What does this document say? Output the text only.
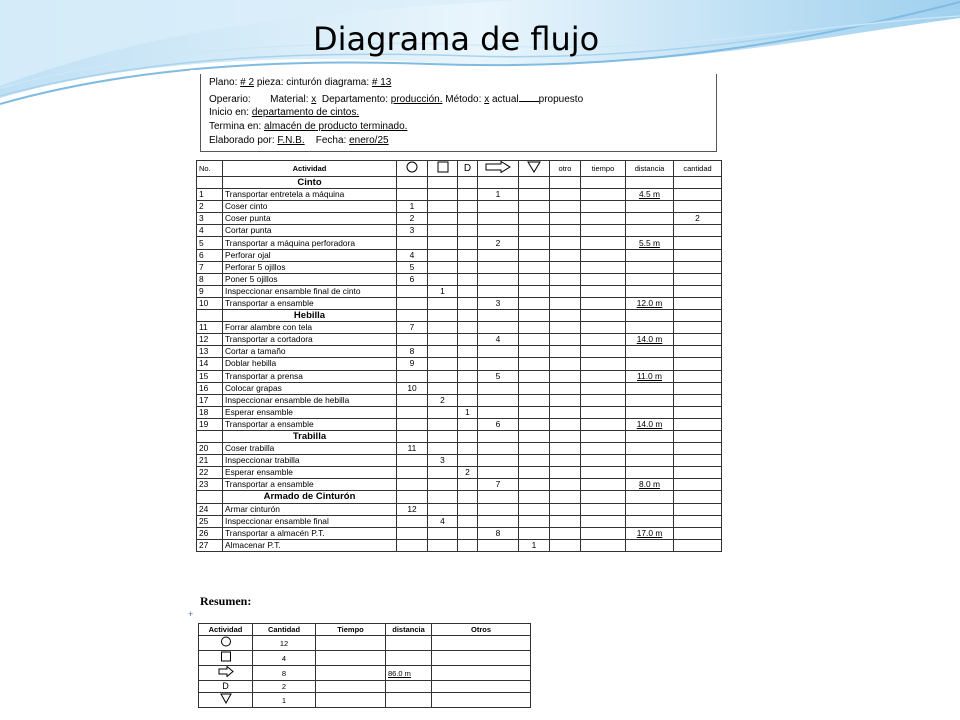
Diagrama de flujo
Plano: # 2 pieza: cinturón diagrama: # 13
Operario: Material: x Departamento: producción. Método: x actual propuesto
Inicio en: departamento de cintos.
Termina en: almacén de producto terminado.
Elaborado por: F.N.B. Fecha: enero/25
No.	Actividad			D			otro	tiempo	distancia	cantidad
	Cinto									
1	Transportar entretela a máquina				1				4.5 m	
2	Coser cinto	1								
3	Coser punta	2								2
4	Cortar punta	3								
5	Transportar a máquina perforadora				2				5.5 m	
6	Perforar ojal	4								
7	Perforar 5 ojillos	5								
8	Poner 5 ojillos	6								
9	Inspeccionar ensamble final de cinto		1							
10	Transportar a ensamble				3				12.0 m	
	Hebilla									
11	Forrar alambre con tela	7								
12	Transportar a cortadora				4				14.0 m	
13	Cortar a tamaño	8								
14	Doblar hebilla	9								
15	Transportar a prensa				5				11.0 m	
16	Colocar grapas	10								
17	Inspeccionar ensamble de hebilla		2							
18	Esperar ensamble			1						
19	Transportar a ensamble				6				14.0 m	
	Trabilla									
20	Coser trabilla	11								
21	Inspeccionar trabilla		3							
22	Esperar ensamble			2						
23	Transportar a ensamble				7				8.0 m	
	Armado de Cinturón									
24	Armar cinturón	12								
25	Inspeccionar ensamble final		4							
26	Transportar a almacén P.T.				8				17.0 m	
27	Almacenar P.T.					1				
Resumen:
+
Actividad	Cantidad	Tiempo	distancia	Otros
	12			
	4			
	8		86.0 m	
D	2			
	1			
